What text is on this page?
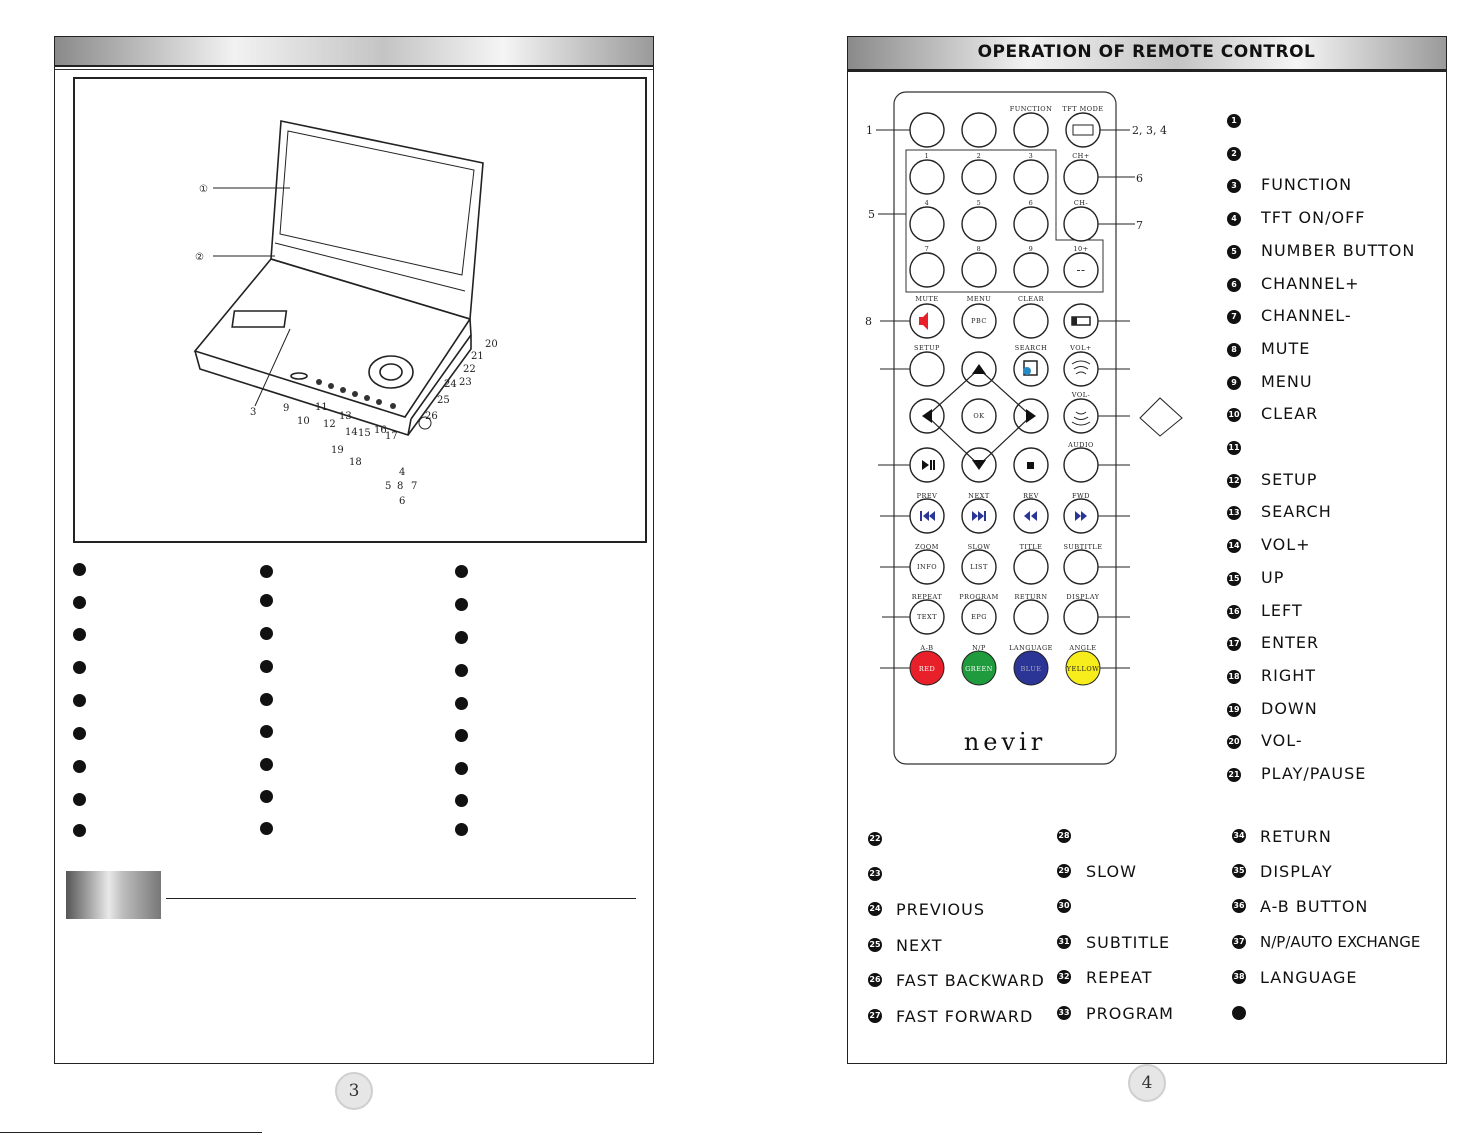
①
②
3	9
10
11
12
13
14 15 16
17
19
18
20
21
22
23
24
25
26
4
5 8 7
6
3
OPERATION OF REMOTE CONTROL
FUNCTION TFT MODE
1	2	3	CH+
4	5	6	CH-
7	8	9	10+
--
MUTE	MENU
PBC
CLEAR
SETUP	SEARCH	VOL+
VOL-
OK
AUDIO
PREV	NEXT	REV	FWD
ZOOM
INFO
SLOW
LIST
TITLE	SUBTITLE
REPEAT
TEXT
PROGRAM
EPG
RETURN	DISPLAY
A-B
RED
N/P
GREEN
LANGUAGE
BLUE
ANGLE
YELLOW
nevir
1	2, 3, 4
5
6
7
8
1
2
3 FUNCTION
4 TFT ON/OFF
5 NUMBER BUTTON
6 CHANNEL+
7 CHANNEL-
8 MUTE
9 MENU
10 CLEAR
11
12 SETUP
13 SEARCH
14 VOL+
15 UP
16 LEFT
17 ENTER
18 RIGHT
19 DOWN
20 VOL-
21 PLAY/PAUSE
22
23
24 PREVIOUS
25 NEXT
26 FAST BACKWARD
27 FAST FORWARD
28
29 SLOW
30
31 SUBTITLE
32 REPEAT
33 PROGRAM
34 RETURN
35 DISPLAY
36 A-B BUTTON
37 N/P/AUTO EXCHANGE
38 LANGUAGE
4
